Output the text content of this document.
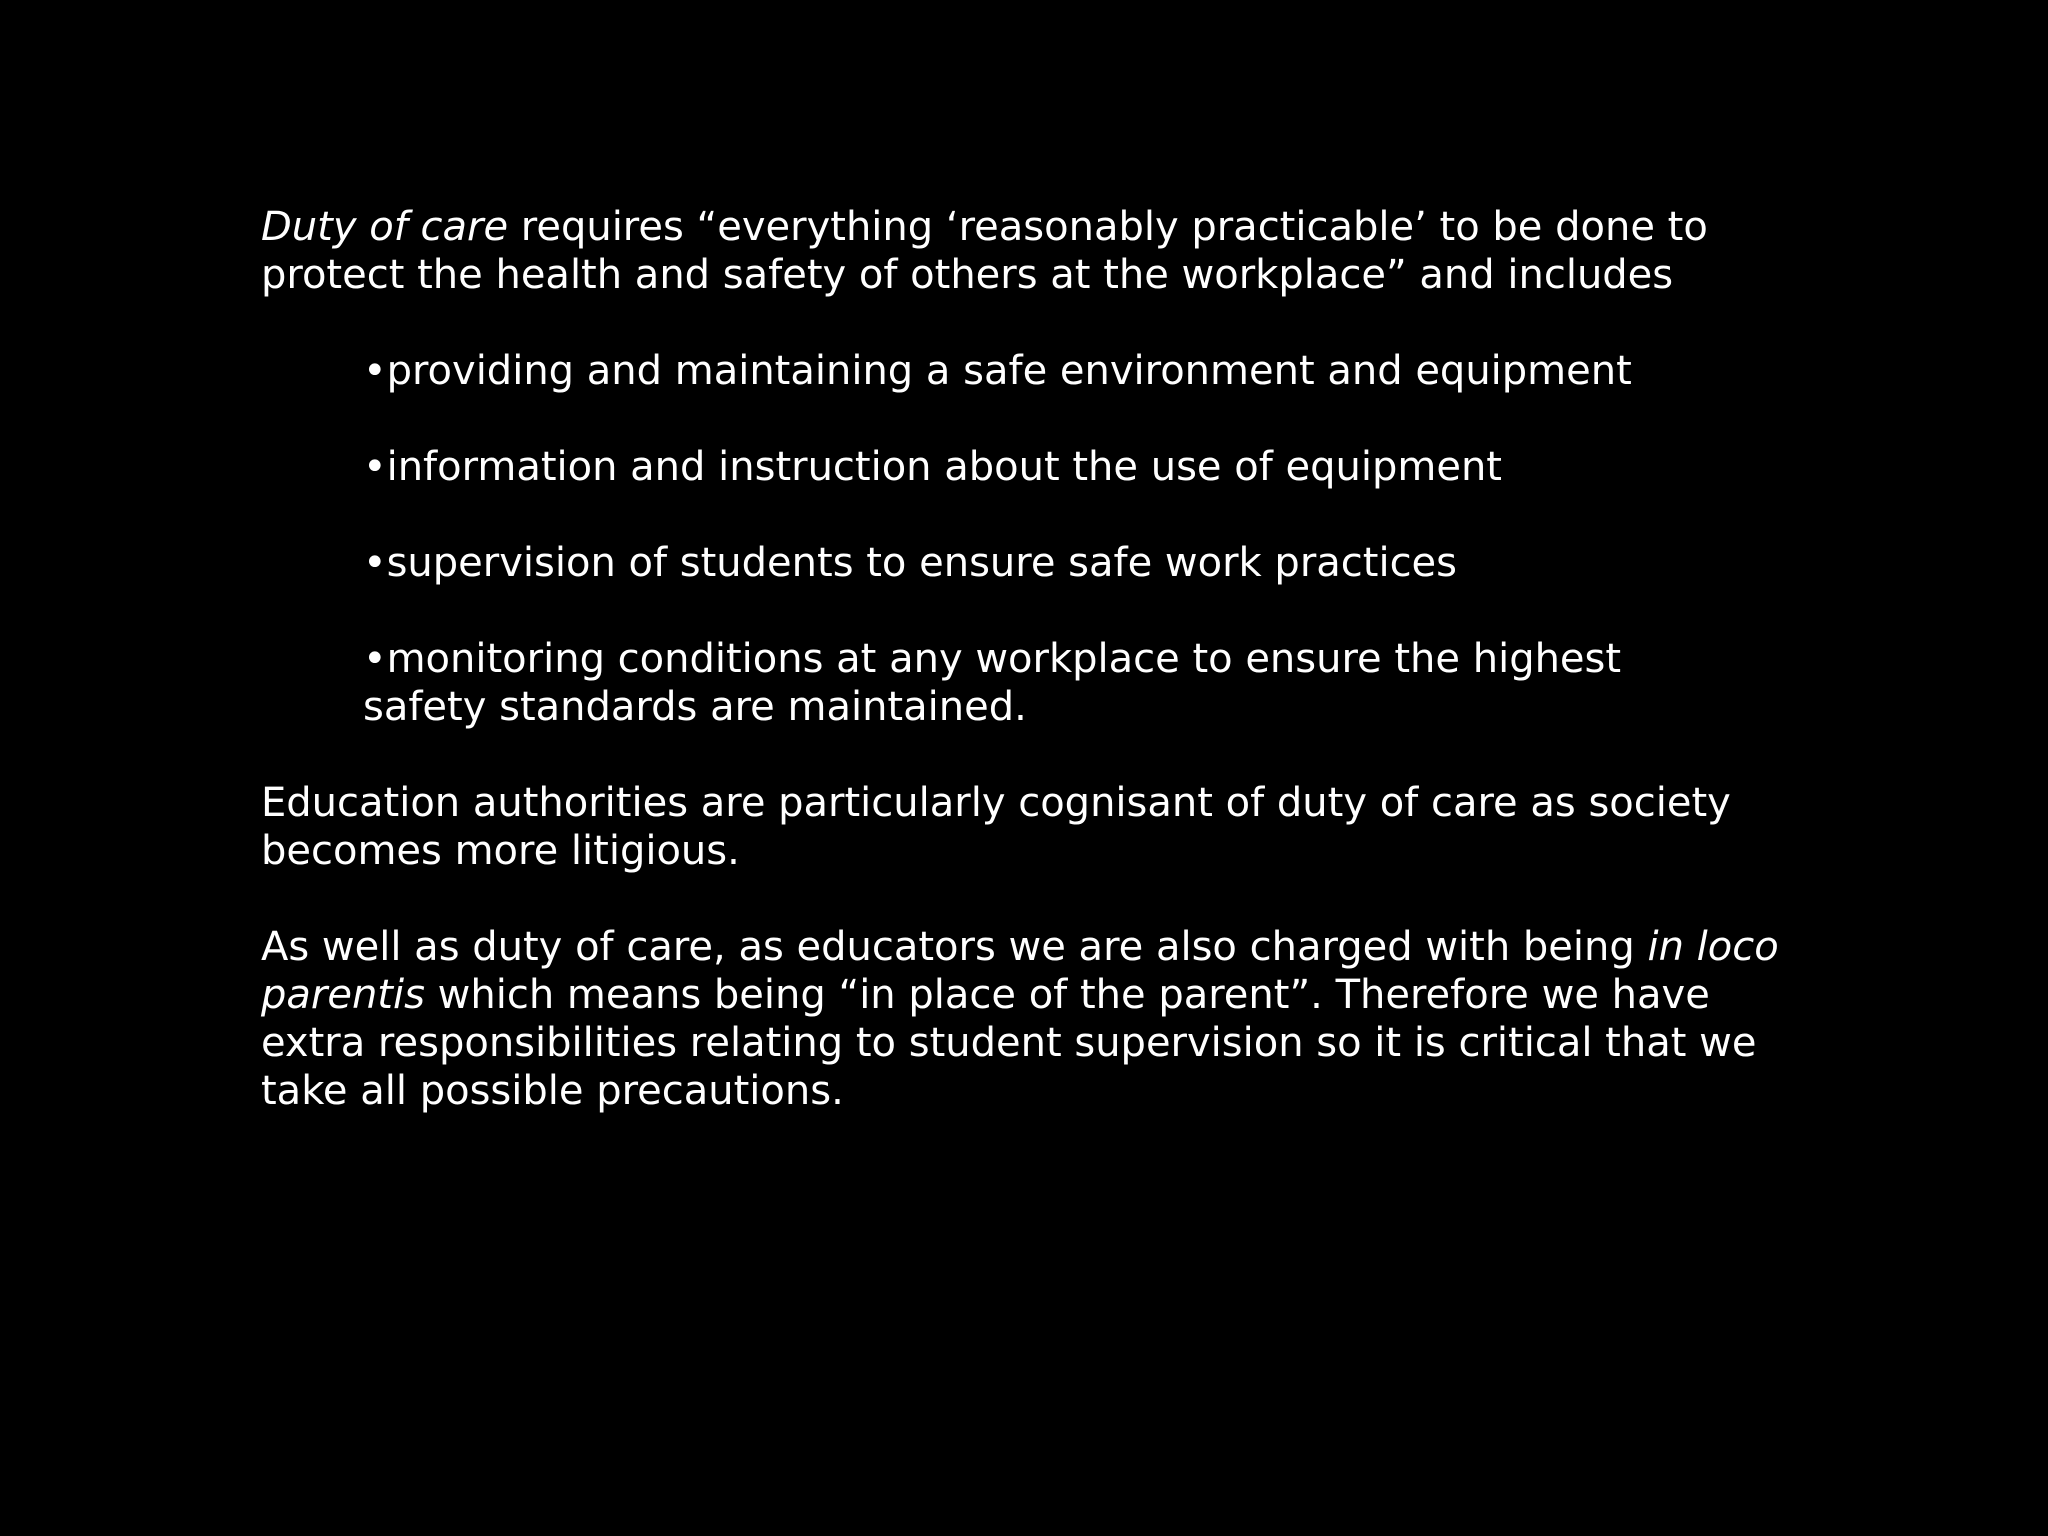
Duty of care requires “everything ‘reasonably practicable’ to be done to protect the health and safety of others at the workplace” and includes

•providing and maintaining a safe environment and equipment
•information and instruction about the use of equipment
•supervision of students to ensure safe work practices
•monitoring conditions at any workplace to ensure the highest safety standards are maintained.

Education authorities are particularly cognisant of duty of care as society becomes more litigious.

As well as duty of care, as educators we are also charged with being in loco parentis which means being “in place of the parent”. Therefore we have extra responsibilities relating to student supervision so it is critical that we take all possible precautions.
